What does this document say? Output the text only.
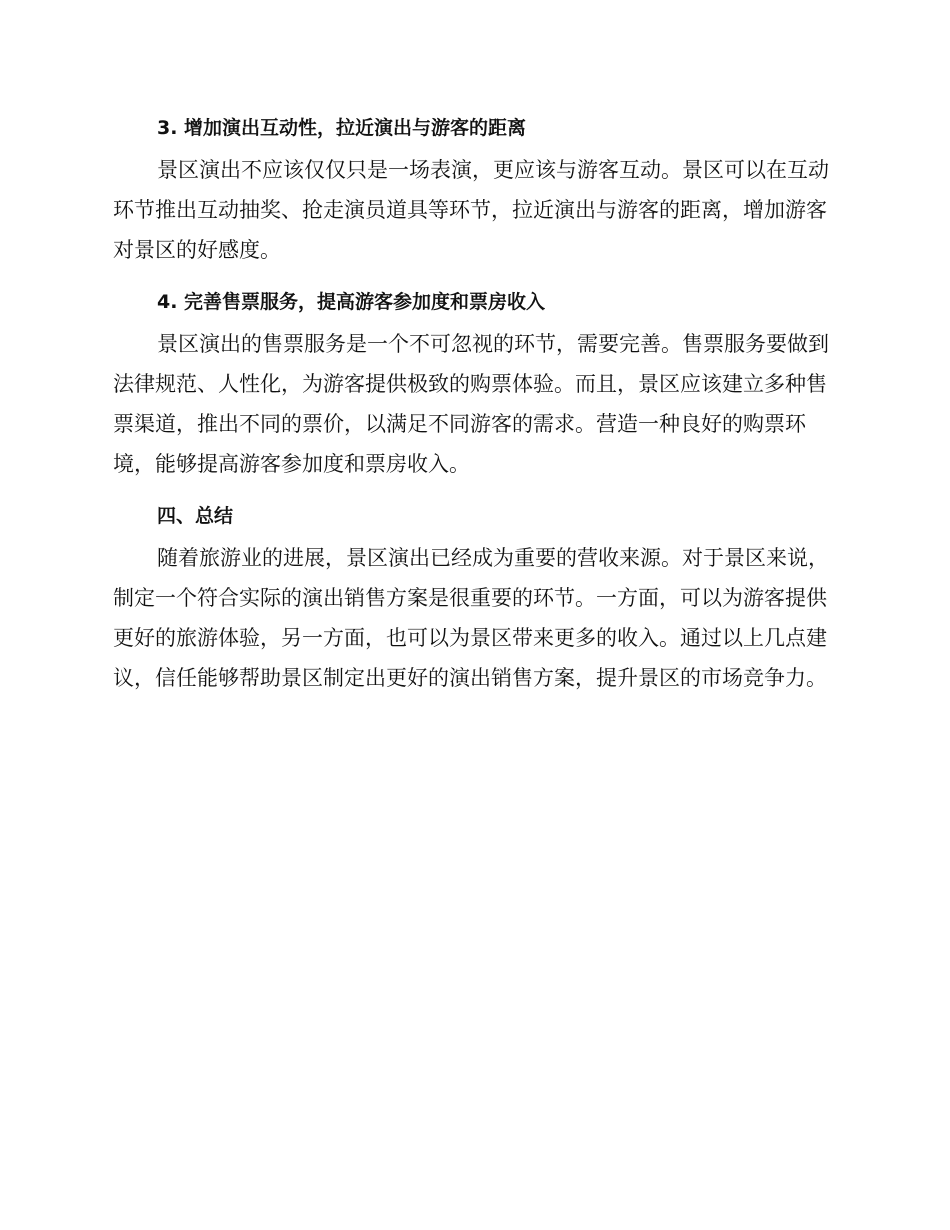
3. 增加演出互动性，拉近演出与游客的距离

景区演出不应该仅仅只是一场表演，更应该与游客互动。景区可以在互动环节推出互动抽奖、抢走演员道具等环节，拉近演出与游客的距离，增加游客对景区的好感度。

4. 完善售票服务，提高游客参加度和票房收入

景区演出的售票服务是一个不可忽视的环节，需要完善。售票服务要做到法律规范、人性化，为游客提供极致的购票体验。而且，景区应该建立多种售票渠道，推出不同的票价，以满足不同游客的需求。营造一种良好的购票环境，能够提高游客参加度和票房收入。

四、总结

随着旅游业的进展，景区演出已经成为重要的营收来源。对于景区来说，制定一个符合实际的演出销售方案是很重要的环节。一方面，可以为游客提供更好的旅游体验，另一方面，也可以为景区带来更多的收入。通过以上几点建议，信任能够帮助景区制定出更好的演出销售方案，提升景区的市场竞争力。
